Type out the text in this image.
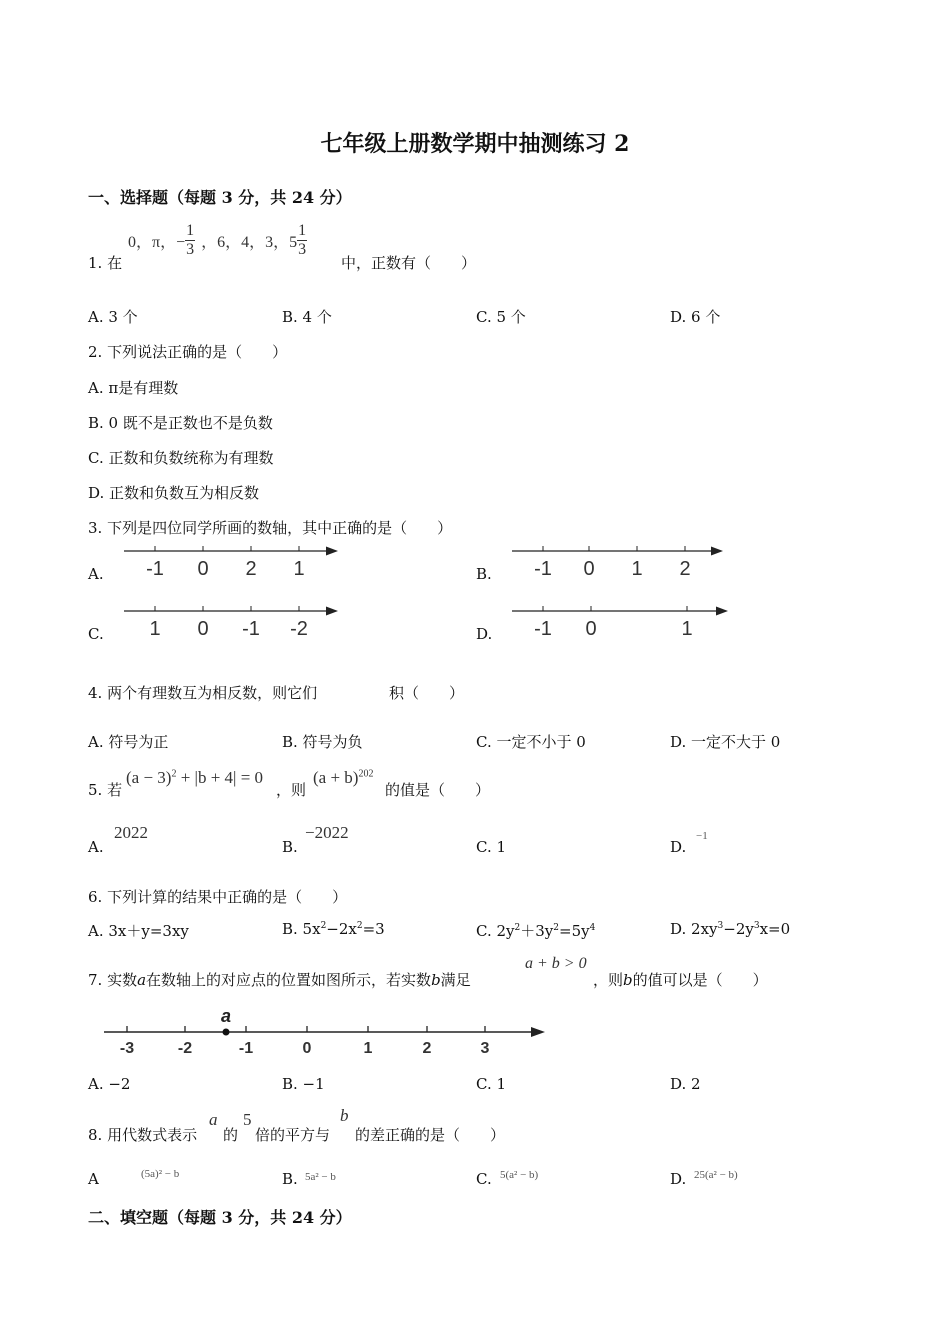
七年级上册数学期中抽测练习 2
一、选择题（每题 3 分，共 24 分）
1. 在
0，π，− $\frac{1}{3}$ ，6，4，3，$5 \frac{1}{3}$
中，正数有（　　）
A. 3 个	B. 4 个	C. 5 个	D. 6 个
2. 下列说法正确的是（　　）
A. π是有理数
B. 0 既不是正数也不是负数
C. 正数和负数统称为有理数
D. 正数和负数互为相反数
3. 下列是四位同学所画的数轴，其中正确的是（　　）
A.	B.
C.	D.
-1 0 2 1	-1 0 1 2
1 0 -1 -2	-1 0	1
4. 两个有理数互为相反数，则它们	积（　　）
A. 符号为正	B. 符号为负	C. 一定不小于 0	D. 一定不大于 0
5. 若
$(a - 3)^2 + |b + 4| = 0$
，则
$(a + b)^{202}$
的值是（　　）
A.
2022
B.
−2022
C. 1	D.
−1
6. 下列计算的结果中正确的是（　　）
A. 3x＋y=3xy	B. $5x^2-2x^2=3$	C. $2y^2+3y^2=5y^4$	D. $2xy^3-2y^3x=0$
7. 实数a在数轴上的对应点的位置如图所示，若实数b满足
a + b > 0
，则b的值可以是（　　）
a
-3	-2	-1	0	1	2	3
A. −2	B. −1	C. 1	D. 2
8. 用代数式表示
a
的
5
倍的平方与
b
的差正确的是（　　）
A	(5a)² − b	B. 5a² − b	C. 5(a² − b)	D. 25(a² − b)
二、填空题（每题 3 分，共 24 分）
